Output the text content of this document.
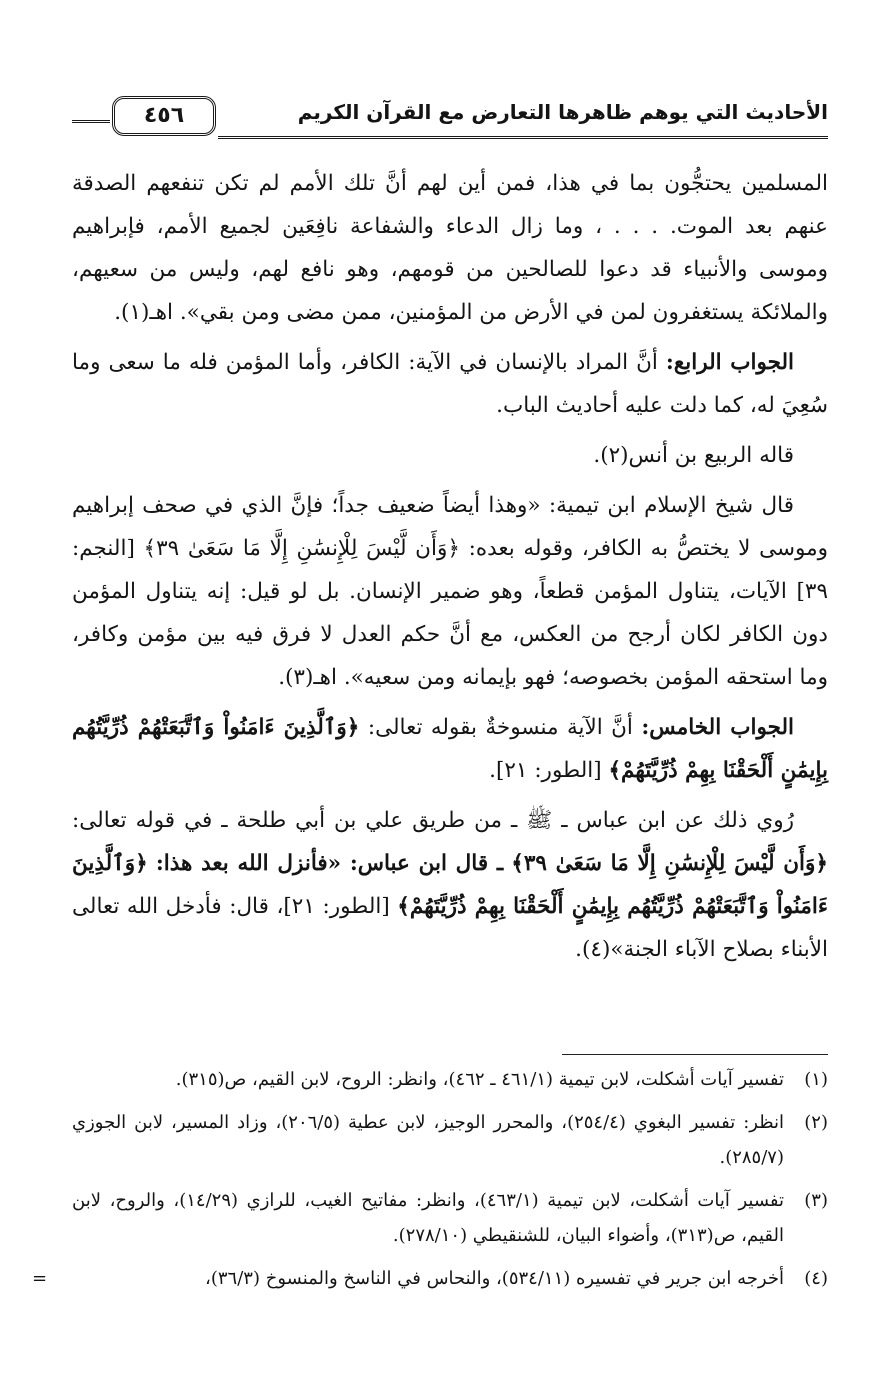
الأحاديث التي يوهم ظاهرها التعارض مع القرآن الكريم
٤٥٦

المسلمين يحتجُّون بما في هذا، فمن أين لهم أنَّ تلك الأمم لم تكن تنفعهم الصدقة عنهم بعد الموت. . . . ، وما زال الدعاء والشفاعة نافِعَين لجميع الأمم، فإبراهيم وموسى والأنبياء قد دعوا للصالحين من قومهم، وهو نافع لهم، وليس من سعيهم، والملائكة يستغفرون لمن في الأرض من المؤمنين، ممن مضى ومن بقي». اهـ(١).

الجواب الرابع: أنَّ المراد بالإنسان في الآية: الكافر، وأما المؤمن فله ما سعى وما سُعِيَ له، كما دلت عليه أحاديث الباب.

قاله الربيع بن أنس(٢).

قال شيخ الإسلام ابن تيمية: «وهذا أيضاً ضعيف جداً؛ فإنَّ الذي في صحف إبراهيم وموسى لا يختصُّ به الكافر، وقوله بعده: ﴿وَأَن لَّيْسَ لِلْإِنسَٰنِ إِلَّا مَا سَعَىٰ ٣٩﴾ [النجم: ٣٩] الآيات، يتناول المؤمن قطعاً، وهو ضمير الإنسان. بل لو قيل: إنه يتناول المؤمن دون الكافر لكان أرجح من العكس، مع أنَّ حكم العدل لا فرق فيه بين مؤمن وكافر، وما استحقه المؤمن بخصوصه؛ فهو بإيمانه ومن سعيه». اهـ(٣).

الجواب الخامس: أنَّ الآية منسوخةٌ بقوله تعالى: ﴿وَٱلَّذِينَ ءَامَنُواْ وَٱتَّبَعَتْهُمْ ذُرِّيَّتُهُم بِإِيمَٰنٍ أَلْحَقْنَا بِهِمْ ذُرِّيَّتَهُمْ﴾ [الطور: ٢١].

رُوي ذلك عن ابن عباس ـ ﷺ ـ من طريق علي بن أبي طلحة ـ في قوله تعالى: ﴿وَأَن لَّيْسَ لِلْإِنسَٰنِ إِلَّا مَا سَعَىٰ ٣٩﴾ ـ قال ابن عباس: «فأنزل الله بعد هذا: ﴿وَٱلَّذِينَ ءَامَنُواْ وَٱتَّبَعَتْهُمْ ذُرِّيَّتُهُم بِإِيمَٰنٍ أَلْحَقْنَا بِهِمْ ذُرِّيَّتَهُمْ﴾ [الطور: ٢١]، قال: فأدخل الله تعالى الأبناء بصلاح الآباء الجنة»(٤).

(١)
تفسير آيات أشكلت، لابن تيمية (٤٦١/١ ـ ٤٦٢)، وانظر: الروح، لابن القيم، ص(٣١٥).
(٢)
انظر: تفسير البغوي (٢٥٤/٤)، والمحرر الوجيز، لابن عطية (٢٠٦/٥)، وزاد المسير، لابن الجوزي (٢٨٥/٧).
(٣)
تفسير آيات أشكلت، لابن تيمية (٤٦٣/١)، وانظر: مفاتيح الغيب، للرازي (١٤/٢٩)، والروح، لابن القيم، ص(٣١٣)، وأضواء البيان، للشنقيطي (٢٧٨/١٠).
(٤)
أخرجه ابن جرير في تفسيره (٥٣٤/١١)، والنحاس في الناسخ والمنسوخ (٣٦/٣)،
=
